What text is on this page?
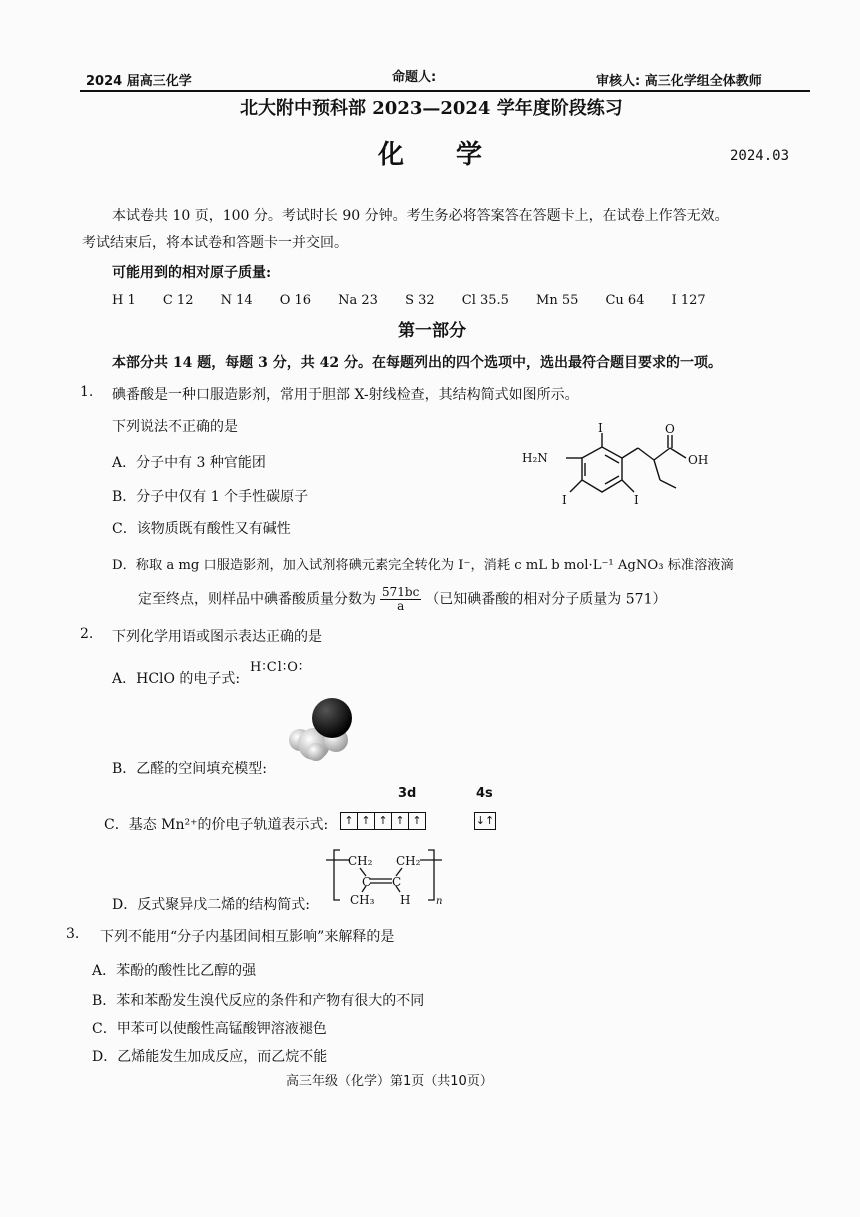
2024 届高三化学	命题人:	审核人: 高三化学组全体教师
北大附中预科部 2023—2024 学年度阶段练习
化　　学	2024.03
本试卷共 10 页，100 分。考试时长 90 分钟。考生务必将答案答在答题卡上，在试卷上作答无效。
考试结束后，将本试卷和答题卡一并交回。
可能用到的相对原子质量:
H 1 C 12 N 14 O 16 Na 23 S 32 Cl 35.5 Mn 55 Cu 64 I 127
第一部分
本部分共 14 题，每题 3 分，共 42 分。在每题列出的四个选项中，选出最符合题目要求的一项。
1. 碘番酸是一种口服造影剂，常用于胆部 X-射线检查，其结构简式如图所示。
下列说法不正确的是
A．分子中有 3 种官能团
B．分子中仅有 1 个手性碳原子
C．该物质既有酸性又有碱性
D．称取 a mg 口服造影剂，加入试剂将碘元素完全转化为 I⁻，消耗 c mL b mol·L⁻¹ AgNO₃ 标准溶液滴
定至终点，则样品中碘番酸质量分数为 $\frac{571bc}{a}$ （已知碘番酸的相对分子质量为 571）
H₂N
I
I	I
O
OH
2. 下列化学用语或图示表达正确的是
A．HClO 的电子式:
H∶Cl∶O∶
B．乙醛的空间填充模型:
3d	4s
C．基态 Mn²⁺的价电子轨道表示式:	↑ ↑ ↑ ↑ ↑	↓↑
CH₂ CH₂
C C
CH₃ H	n
D．反式聚异戊二烯的结构简式:
3. 下列不能用“分子内基团间相互影响”来解释的是
A．苯酚的酸性比乙醇的强
B．苯和苯酚发生溴代反应的条件和产物有很大的不同
C．甲苯可以使酸性高锰酸钾溶液褪色
D．乙烯能发生加成反应，而乙烷不能
高三年级（化学）第1页（共10页）
